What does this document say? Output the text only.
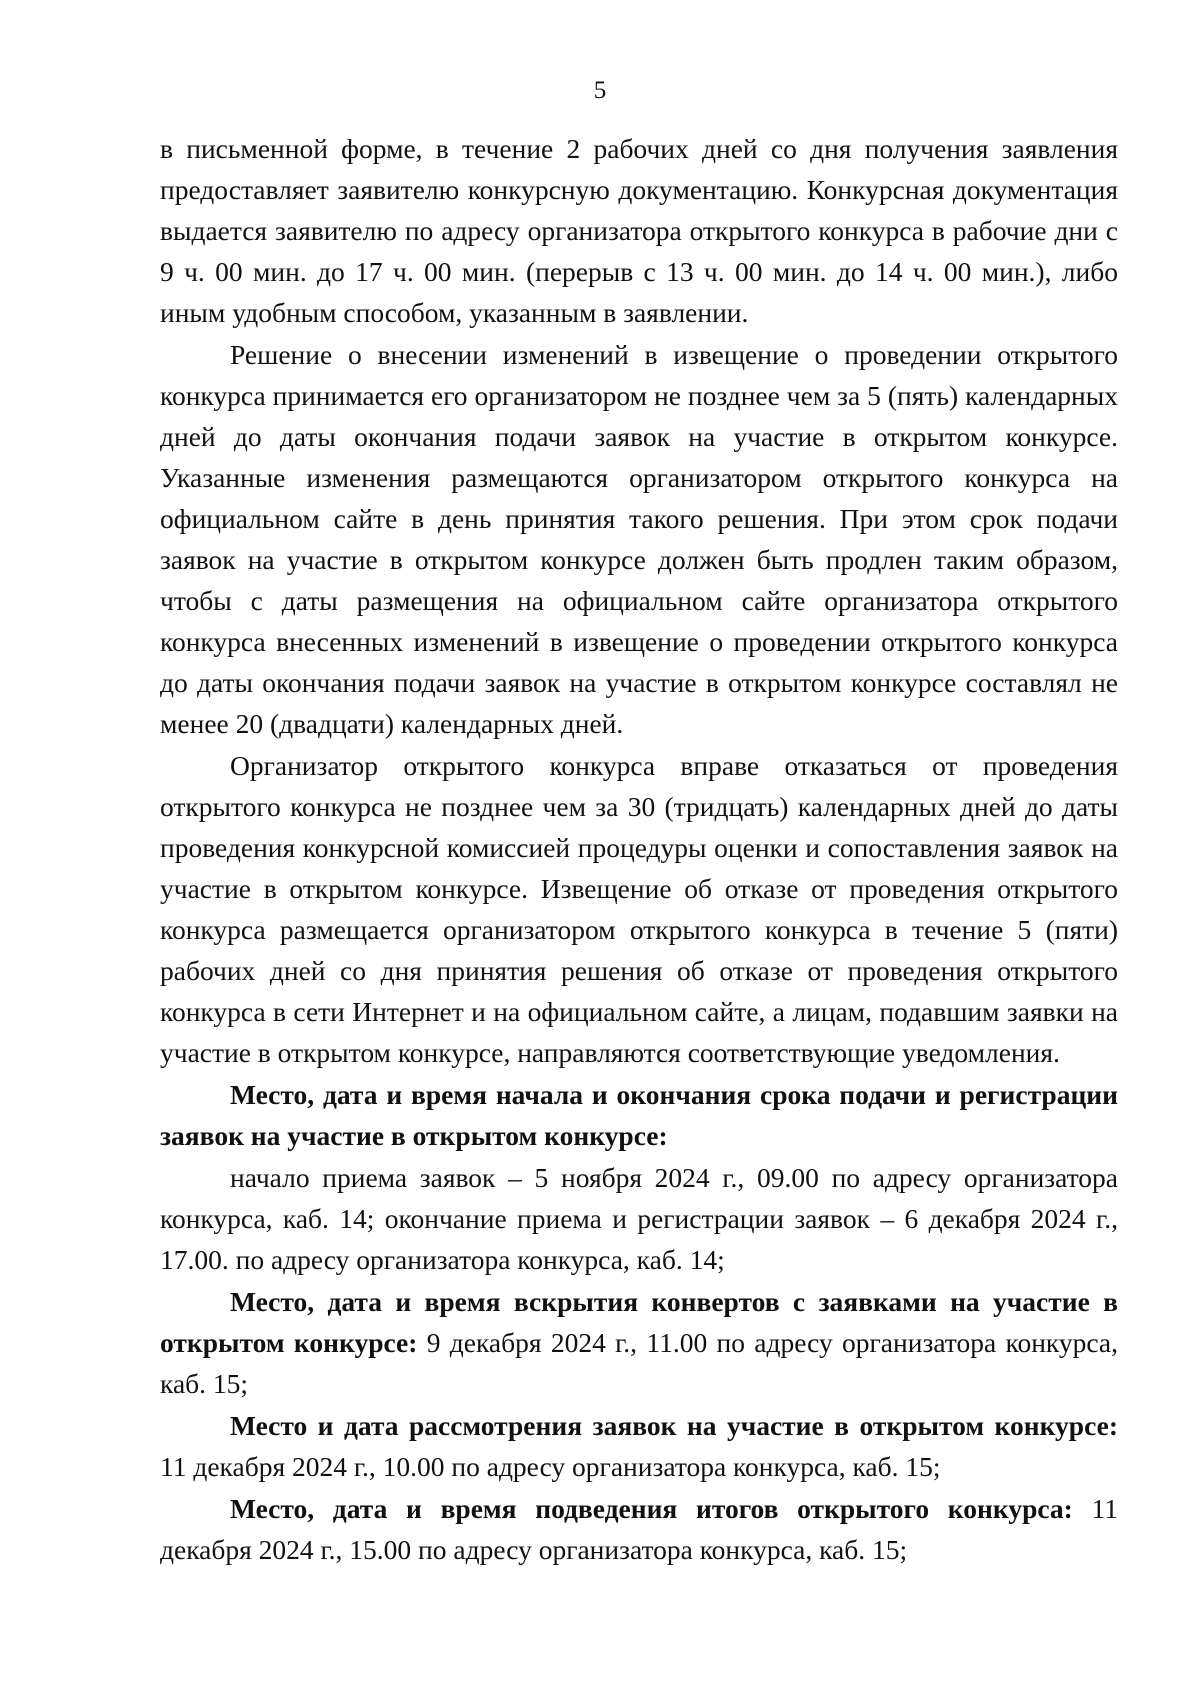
5

в письменной форме, в течение 2 рабочих дней со дня получения заявления предоставляет заявителю конкурсную документацию. Конкурсная документация выдается заявителю по адресу организатора открытого конкурса в рабочие дни с 9 ч. 00 мин. до 17 ч. 00 мин. (перерыв с 13 ч. 00 мин. до 14 ч. 00 мин.), либо иным удобным способом, указанным в заявлении.

Решение о внесении изменений в извещение о проведении открытого конкурса принимается его организатором не позднее чем за 5 (пять) календарных дней до даты окончания подачи заявок на участие в открытом конкурсе. Указанные изменения размещаются организатором открытого конкурса на официальном сайте в день принятия такого решения. При этом срок подачи заявок на участие в открытом конкурсе должен быть продлен таким образом, чтобы с даты размещения на официальном сайте организатора открытого конкурса внесенных изменений в извещение о проведении открытого конкурса до даты окончания подачи заявок на участие в открытом конкурсе составлял не менее 20 (двадцати) календарных дней.

Организатор открытого конкурса вправе отказаться от проведения открытого конкурса не позднее чем за 30 (тридцать) календарных дней до даты проведения конкурсной комиссией процедуры оценки и сопоставления заявок на участие в открытом конкурсе. Извещение об отказе от проведения открытого конкурса размещается организатором открытого конкурса в течение 5 (пяти) рабочих дней со дня принятия решения об отказе от проведения открытого конкурса в сети Интернет и на официальном сайте, а лицам, подавшим заявки на участие в открытом конкурсе, направляются соответствующие уведомления.

Место, дата и время начала и окончания срока подачи и регистрации заявок на участие в открытом конкурсе:

начало приема заявок – 5 ноября 2024 г., 09.00 по адресу организатора конкурса, каб. 14; окончание приема и регистрации заявок – 6 декабря 2024 г., 17.00. по адресу организатора конкурса, каб. 14;

Место, дата и время вскрытия конвертов с заявками на участие в открытом конкурсе: 9 декабря 2024 г., 11.00 по адресу организатора конкурса, каб. 15;

Место и дата рассмотрения заявок на участие в открытом конкурсе: 11 декабря 2024 г., 10.00 по адресу организатора конкурса, каб. 15;

Место, дата и время подведения итогов открытого конкурса: 11 декабря 2024 г., 15.00 по адресу организатора конкурса, каб. 15;
